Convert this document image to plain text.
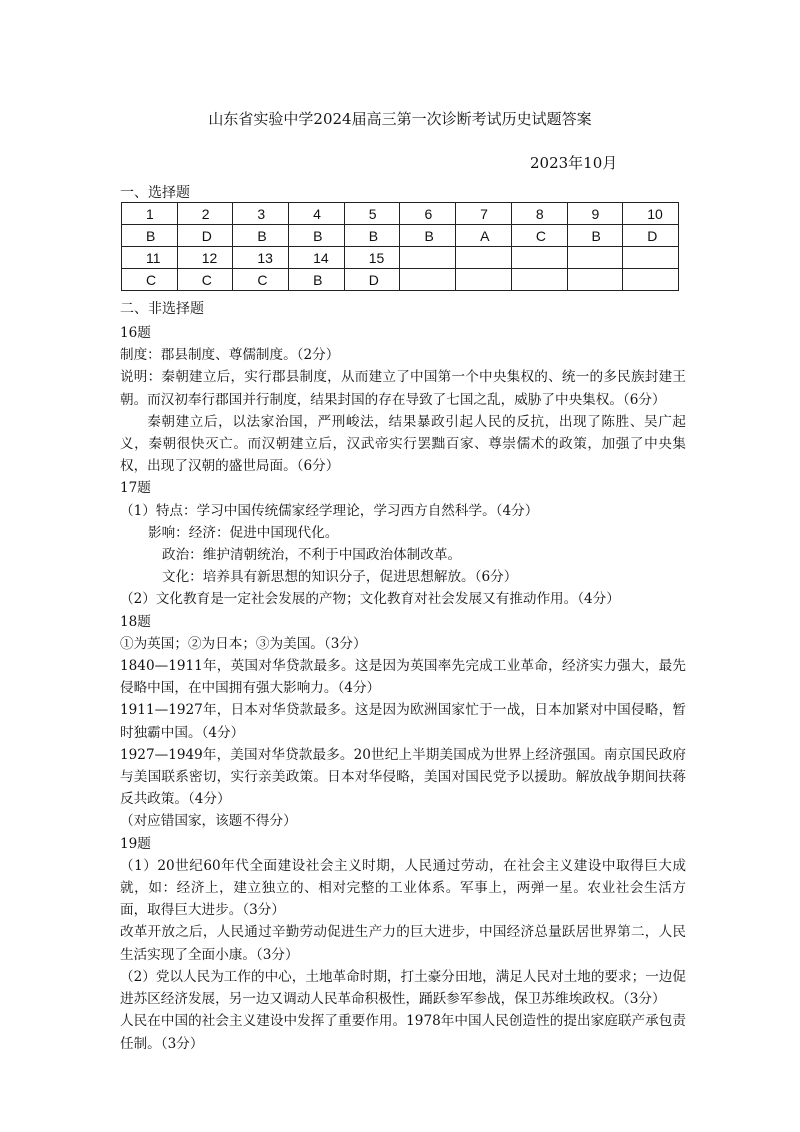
山东省实验中学2024届高三第一次诊断考试历史试题答案
2023年10月
一、选择题
1	2	3	4	5	6	7	8	9	10
B	D	B	B	B	B	A	C	B	D
11	12	13	14	15					
C	C	C	B	D					
二、非选择题

16题

制度：郡县制度、尊儒制度。（2分）

说明：秦朝建立后，实行郡县制度，从而建立了中国第一个中央集权的、统一的多民族封建王朝。而汉初奉行郡国并行制度，结果封国的存在导致了七国之乱，威胁了中央集权。（6分）

秦朝建立后，以法家治国，严刑峻法，结果暴政引起人民的反抗，出现了陈胜、吴广起义，秦朝很快灭亡。而汉朝建立后，汉武帝实行罢黜百家、尊崇儒术的政策，加强了中央集权，出现了汉朝的盛世局面。（6分）

17题

（1）特点：学习中国传统儒家经学理论，学习西方自然科学。（4分）

影响：经济：促进中国现代化。

政治：维护清朝统治，不利于中国政治体制改革。

文化：培养具有新思想的知识分子，促进思想解放。（6分）

（2）文化教育是一定社会发展的产物；文化教育对社会发展又有推动作用。（4分）

18题

①为英国；②为日本；③为美国。（3分）

1840—1911年，英国对华贷款最多。这是因为英国率先完成工业革命，经济实力强大，最先侵略中国，在中国拥有强大影响力。（4分）

1911—1927年，日本对华贷款最多。这是因为欧洲国家忙于一战，日本加紧对中国侵略，暂时独霸中国。（4分）

1927—1949年，美国对华贷款最多。20世纪上半期美国成为世界上经济强国。南京国民政府与美国联系密切，实行亲美政策。日本对华侵略，美国对国民党予以援助。解放战争期间扶蒋反共政策。（4分）

（对应错国家，该题不得分）

19题

（1）20世纪60年代全面建设社会主义时期，人民通过劳动，在社会主义建设中取得巨大成就，如：经济上，建立独立的、相对完整的工业体系。军事上，两弹一星。农业社会生活方面，取得巨大进步。（3分）

改革开放之后，人民通过辛勤劳动促进生产力的巨大进步，中国经济总量跃居世界第二，人民生活实现了全面小康。（3分）

（2）党以人民为工作的中心，土地革命时期，打土豪分田地，满足人民对土地的要求；一边促进苏区经济发展，另一边又调动人民革命积极性，踊跃参军参战，保卫苏维埃政权。（3分）

人民在中国的社会主义建设中发挥了重要作用。1978年中国人民创造性的提出家庭联产承包责任制。（3分）
